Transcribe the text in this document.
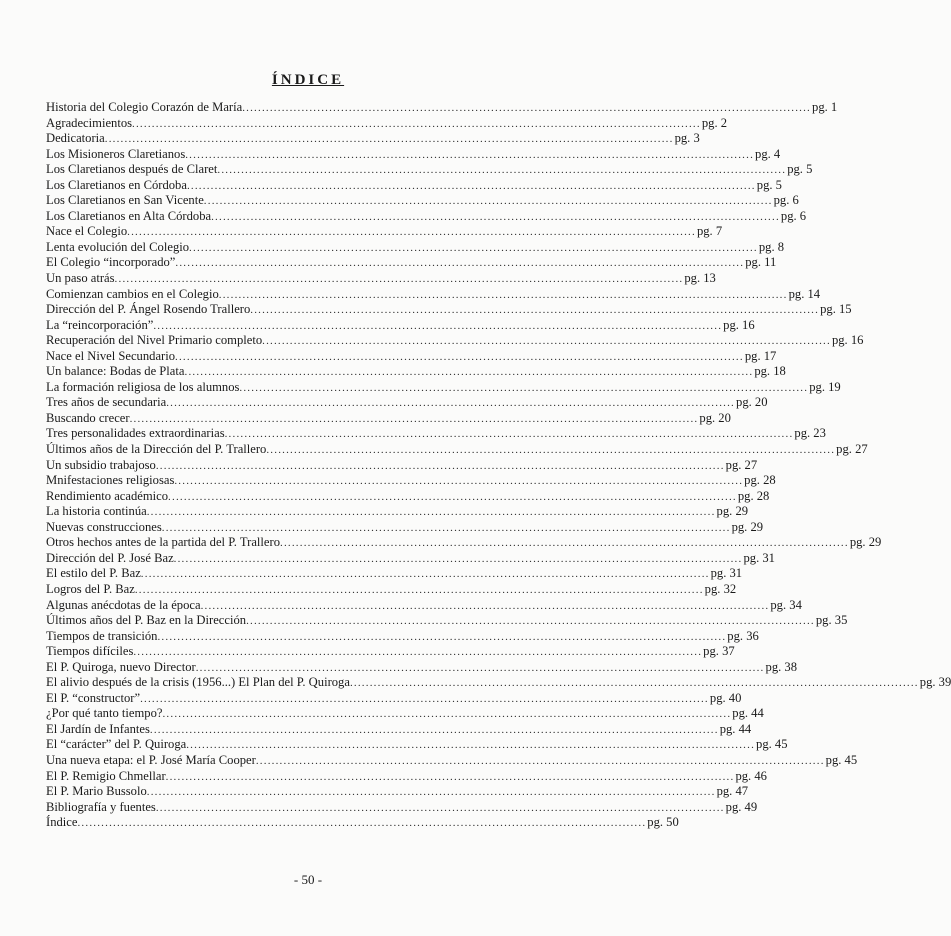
ÍNDICE
Historia del Colegio Corazón de María .....	pg. 1
Agradecimientos .....	pg. 2
Dedicatoria .....	pg. 3
Los Misioneros Claretianos .....	pg. 4
Los Claretianos después de Claret .....	pg. 5
Los Claretianos en Córdoba .....	pg. 5
Los Claretianos en San Vicente .....	pg. 6
Los Claretianos en Alta Córdoba .....	pg. 6
Nace el Colegio .....	pg. 7
Lenta evolución del Colegio .....	pg. 8
El Colegio “incorporado” .....	pg. 11
Un paso atrás .....	pg. 13
Comienzan cambios en el Colegio .....	pg. 14
Dirección del P. Ángel Rosendo Trallero .....	pg. 15
La “reincorporación” .....	pg. 16
Recuperación del Nivel Primario completo .....	pg. 16
Nace el Nivel Secundario .....	pg. 17
Un balance: Bodas de Plata .....	pg. 18
La formación religiosa de los alumnos .....	pg. 19
Tres años de secundaria .....	pg. 20
Buscando crecer .....	pg. 20
Tres personalidades extraordinarias .....	pg. 23
Últimos años de la Dirección del P. Trallero .....	pg. 27
Un subsidio trabajoso .....	pg. 27
Mnifestaciones religiosas .....	pg. 28
Rendimiento académico .....	pg. 28
La historia continúa .....	pg. 29
Nuevas construcciones .....	pg. 29
Otros hechos antes de la partida del P. Trallero .....	pg. 29
Dirección del P. José Baz .....	pg. 31
El estilo del P. Baz .....	pg. 31
Logros del P. Baz .....	pg. 32
Algunas anécdotas de la época .....	pg. 34
Últimos años del P. Baz en la Dirección .....	pg. 35
Tiempos de transición .....	pg. 36
Tiempos difíciles .....	pg. 37
El P. Quiroga, nuevo Director .....	pg. 38
El alivio después de la crisis (1956...) El Plan del P. Quiroga .....	pg. 39
El P. “constructor” .....	pg. 40
¿Por qué tanto tiempo? .....	pg. 44
El Jardín de Infantes .....	pg. 44
El “carácter” del P. Quiroga .....	pg. 45
Una nueva etapa: el P. José María Cooper .....	pg. 45
El P. Remigio Chmellar .....	pg. 46
El P. Mario Bussolo .....	pg. 47
Bibliografía y fuentes .....	pg. 49
Índice .....	pg. 50
- 50 -
